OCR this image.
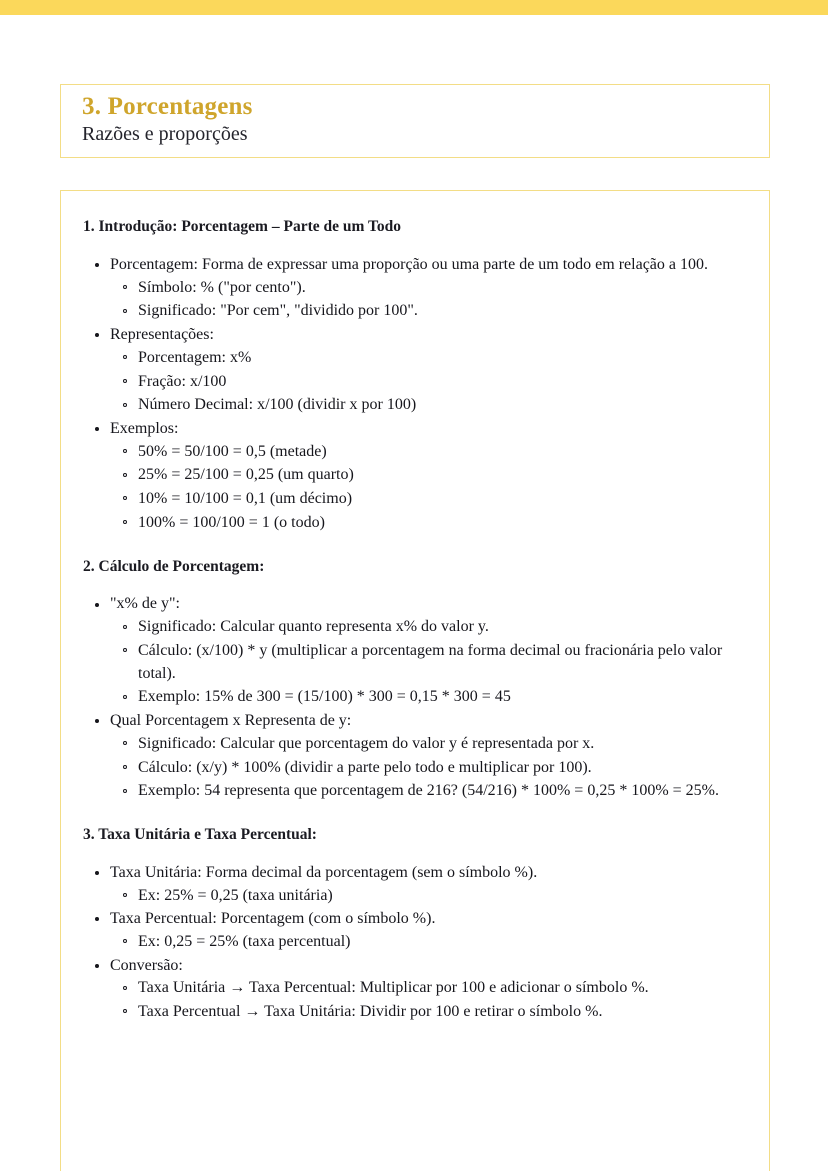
3. Porcentagens
Razões e proporções
1. Introdução: Porcentagem – Parte de um Todo
Porcentagem: Forma de expressar uma proporção ou uma parte de um todo em relação a 100.
Símbolo: % ("por cento").
Significado: "Por cem", "dividido por 100".
Representações:
Porcentagem: x%
Fração: x/100
Número Decimal: x/100 (dividir x por 100)
Exemplos:
50% = 50/100 = 0,5 (metade)
25% = 25/100 = 0,25 (um quarto)
10% = 10/100 = 0,1 (um décimo)
100% = 100/100 = 1 (o todo)
2. Cálculo de Porcentagem:
"x% de y":
Significado: Calcular quanto representa x% do valor y.
Cálculo: (x/100) * y (multiplicar a porcentagem na forma decimal ou fracionária pelo valor total).
Exemplo: 15% de 300 = (15/100) * 300 = 0,15 * 300 = 45
Qual Porcentagem x Representa de y:
Significado: Calcular que porcentagem do valor y é representada por x.
Cálculo: (x/y) * 100% (dividir a parte pelo todo e multiplicar por 100).
Exemplo: 54 representa que porcentagem de 216? (54/216) * 100% = 0,25 * 100% = 25%.
3. Taxa Unitária e Taxa Percentual:
Taxa Unitária: Forma decimal da porcentagem (sem o símbolo %).
Ex: 25% = 0,25 (taxa unitária)
Taxa Percentual: Porcentagem (com o símbolo %).
Ex: 0,25 = 25% (taxa percentual)
Conversão:
Taxa Unitária → Taxa Percentual: Multiplicar por 100 e adicionar o símbolo %.
Taxa Percentual → Taxa Unitária: Dividir por 100 e retirar o símbolo %.
